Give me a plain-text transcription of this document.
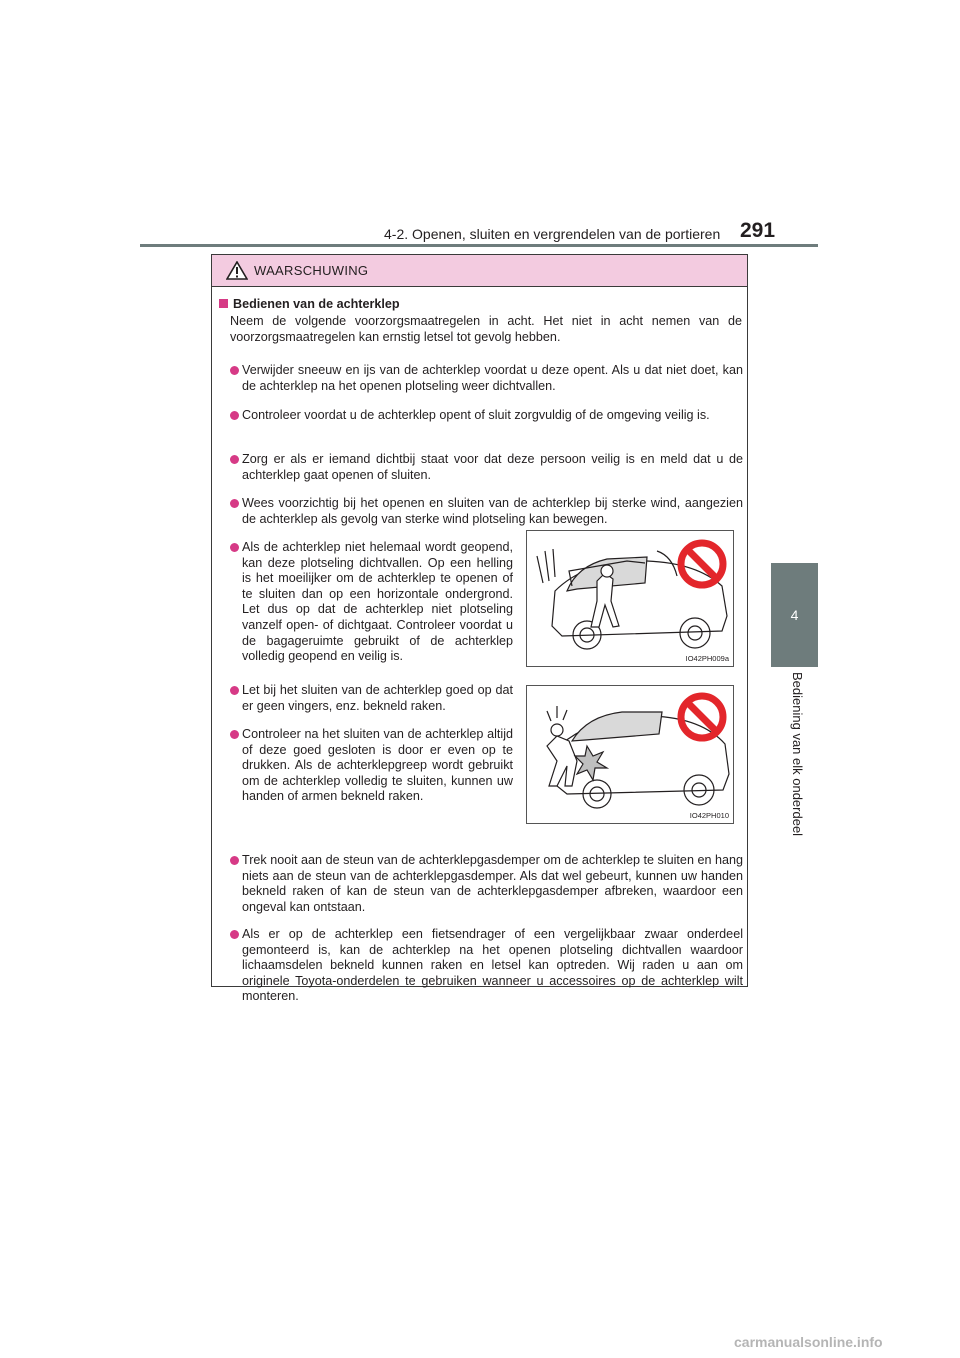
4-2. Openen, sluiten en vergrendelen van de portieren 291
4
Bediening van elk onderdeel
WAARSCHUWING
Bedienen van de achterklep
Neem de volgende voorzorgsmaatregelen in acht. Het niet in acht nemen van de voorzorgsmaatregelen kan ernstig letsel tot gevolg hebben.
Verwijder sneeuw en ijs van de achterklep voordat u deze opent. Als u dat niet doet, kan de achterklep na het openen plotseling weer dichtvallen.
Controleer voordat u de achterklep opent of sluit zorgvuldig of de omgeving veilig is.
Zorg er als er iemand dichtbij staat voor dat deze persoon veilig is en meld dat u de achterklep gaat openen of sluiten.
Wees voorzichtig bij het openen en sluiten van de achterklep bij sterke wind, aangezien de achterklep als gevolg van sterke wind plotseling kan bewegen.
Als de achterklep niet helemaal wordt geopend, kan deze plotseling dichtvallen. Op een helling is het moeilijker om de achterklep te openen of te sluiten dan op een horizontale ondergrond. Let dus op dat de achterklep niet plotseling vanzelf open- of dichtgaat. Controleer voordat u de bagageruimte gebruikt of de achterklep volledig geopend en veilig is.
Let bij het sluiten van de achterklep goed op dat er geen vingers, enz. bekneld raken.
Controleer na het sluiten van de achterklep altijd of deze goed gesloten is door er even op te drukken. Als de achterklepgreep wordt gebruikt om de achterklep volledig te sluiten, kunnen uw handen of armen bekneld raken.
Trek nooit aan de steun van de achterklepgasdemper om de achterklep te sluiten en hang niets aan de steun van de achterklepgasdemper. Als dat wel gebeurt, kunnen uw handen bekneld raken of kan de steun van de achterklepgasdemper afbreken, waardoor een ongeval kan ontstaan.
Als er op de achterklep een fietsendrager of een vergelijkbaar zwaar onderdeel gemonteerd is, kan de achterklep na het openen plotseling dichtvallen waardoor lichaamsdelen bekneld kunnen raken en letsel kan optreden. Wij raden u aan om originele Toyota-onderdelen te gebruiken wanneer u accessoires op de achterklep wilt monteren.
IO42PH009a
IO42PH010
carmanualsonline.info
